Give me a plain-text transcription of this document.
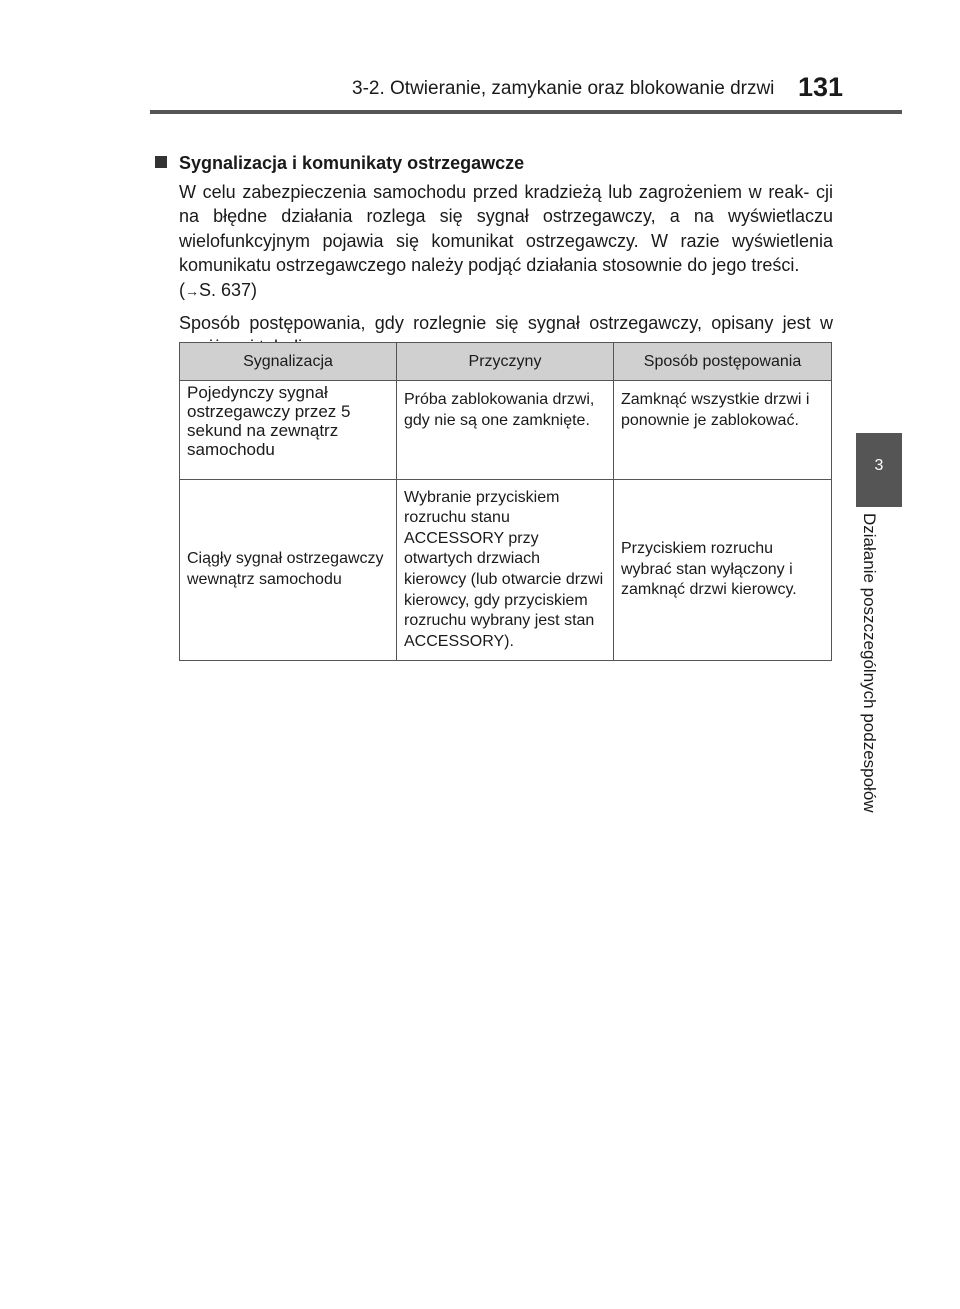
3-2. Otwieranie, zamykanie oraz blokowanie drzwi 131
3
Działanie poszczególnych podzespołów
Sygnalizacja i komunikaty ostrzegawcze

W celu zabezpieczenia samochodu przed kradzieżą lub zagrożeniem w reak- cji na błędne działania rozlega się sygnał ostrzegawczy, a na wyświetlaczu wielofunkcyjnym pojawia się komunikat ostrzegawczy. W razie wyświetlenia komunikatu ostrzegawczego należy podjąć działania stosownie do jego treści.
(→S. 637)

Sposób postępowania, gdy rozlegnie się sygnał ostrzegawczy, opisany jest w

Sygnalizacja	Przyczyny	Sposób postępowania
Pojedynczy sygnał ostrzegawczy przez 5 sekund na zewnątrz samochodu	Próba zablokowania drzwi, gdy nie są one zamknięte.	Zamknąć wszystkie drzwi i ponownie je zablokować.
Ciągły sygnał ostrzegawczy wewnątrz samochodu	Wybranie przyciskiem rozruchu stanu ACCESSORY przy otwartych drzwiach kierowcy (lub otwarcie drzwi kierowcy, gdy przyciskiem rozruchu wybrany jest stan ACCESSORY).	Przyciskiem rozruchu wybrać stan wyłączony i zamknąć drzwi kierowcy.
